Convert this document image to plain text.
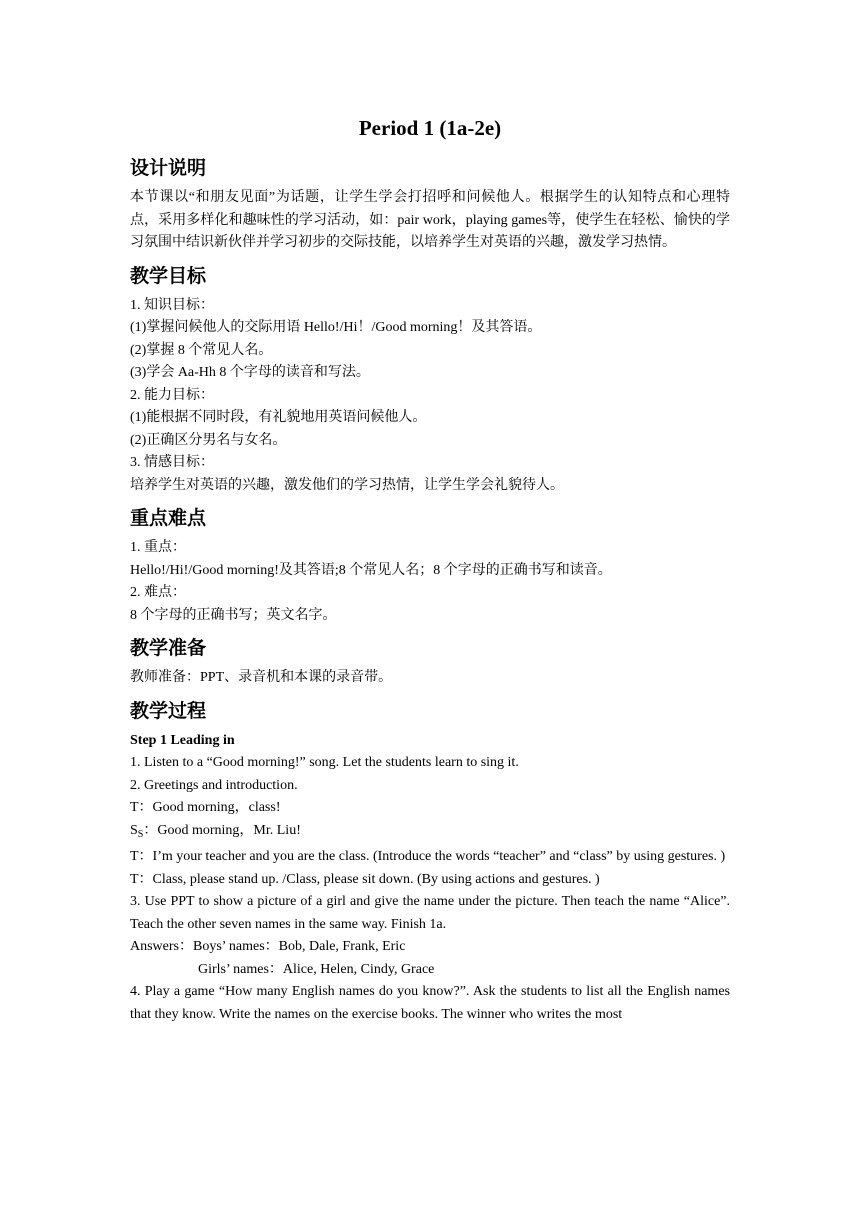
Period 1 (1a-2e)
设计说明

本节课以“和朋友见面”为话题，让学生学会打招呼和问候他人。根据学生的认知特点和心理特点，采用多样化和趣味性的学习活动，如：pair work，playing games等，使学生在轻松、愉快的学习氛围中结识新伙伴并学习初步的交际技能，以培养学生对英语的兴趣，激发学习热情。

教学目标

1. 知识目标：

(1)掌握问候他人的交际用语 Hello!/Hi！/Good morning！及其答语。

(2)掌握 8 个常见人名。

(3)学会 Aa-Hh 8 个字母的读音和写法。

2. 能力目标：

(1)能根据不同时段，有礼貌地用英语问候他人。

(2)正确区分男名与女名。

3. 情感目标：

培养学生对英语的兴趣，激发他们的学习热情，让学生学会礼貌待人。

重点难点

1. 重点：

Hello!/Hi!/Good morning!及其答语;8 个常见人名；8 个字母的正确书写和读音。

2. 难点：

8 个字母的正确书写；英文名字。

教学准备

教师准备：PPT、录音机和本课的录音带。

教学过程

Step 1 Leading in

1. Listen to a “Good morning!” song. Let the students learn to sing it.

2. Greetings and introduction.

T：Good morning，class!

$S_S$：Good morning，Mr. Liu!

T：I’m your teacher and you are the class. (Introduce the words “teacher” and “class” by using gestures. )

T：Class, please stand up. /Class, please sit down. (By using actions and gestures. )

3. Use PPT to show a picture of a girl and give the name under the picture. Then teach the name “Alice”. Teach the other seven names in the same way. Finish 1a.

Answers：Boys’ names：Bob, Dale, Frank, Eric

Girls’ names：Alice, Helen, Cindy, Grace

4. Play a game “How many English names do you know?”. Ask the students to list all the English names that they know. Write the names on the exercise books. The winner who writes the most
